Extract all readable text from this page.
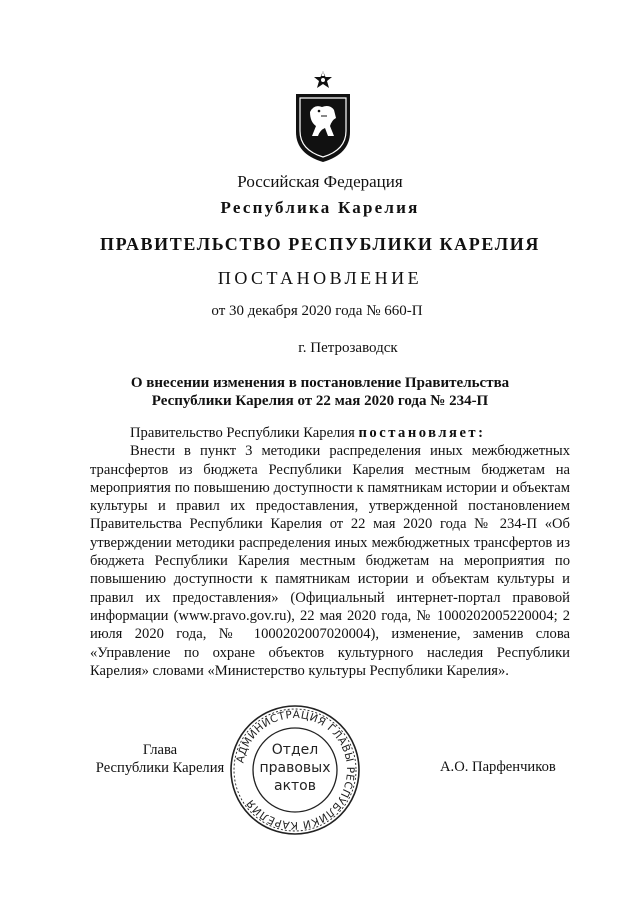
Российская Федерация
Республика Карелия
ПРАВИТЕЛЬСТВО РЕСПУБЛИКИ КАРЕЛИЯ
ПОСТАНОВЛЕНИЕ
от 30 декабря 2020 года № 660-П
г. Петрозаводск
О внесении изменения в постановление Правительства
Республики Карелия от 22 мая 2020 года № 234-П

Правительство Республики Карелия постановляет:

Внести в пункт 3 методики распределения иных межбюджетных трансфертов из бюджета Республики Карелия местным бюджетам на мероприятия по повышению доступности к памятникам истории и объектам культуры и правил их предоставления, утвержденной постановлением Правительства Республики Карелия от 22 мая 2020 года № 234-П «Об утверждении методики распределения иных межбюджетных трансфертов из бюджета Республики Карелия местным бюджетам на мероприятия по повышению доступности к памятникам истории и объектам культуры и правил их предоставления» (Официальный интернет-портал правовой информации (www.pravo.gov.ru), 22 мая 2020 года, № 1000202005220004; 2 июля 2020 года, № 1000202007020004), изменение, заменив слова «Управление по охране объектов культурного наследия Республики Карелия» словами «Министерство культуры Республики Карелия».

Глава
Республики Карелия	А.О. Парфенчиков
АДМИНИСТРАЦИЯ ГЛАВЫ РЕСПУБЛИКИ КАРЕЛИЯ
Отдел
правовых
актов
